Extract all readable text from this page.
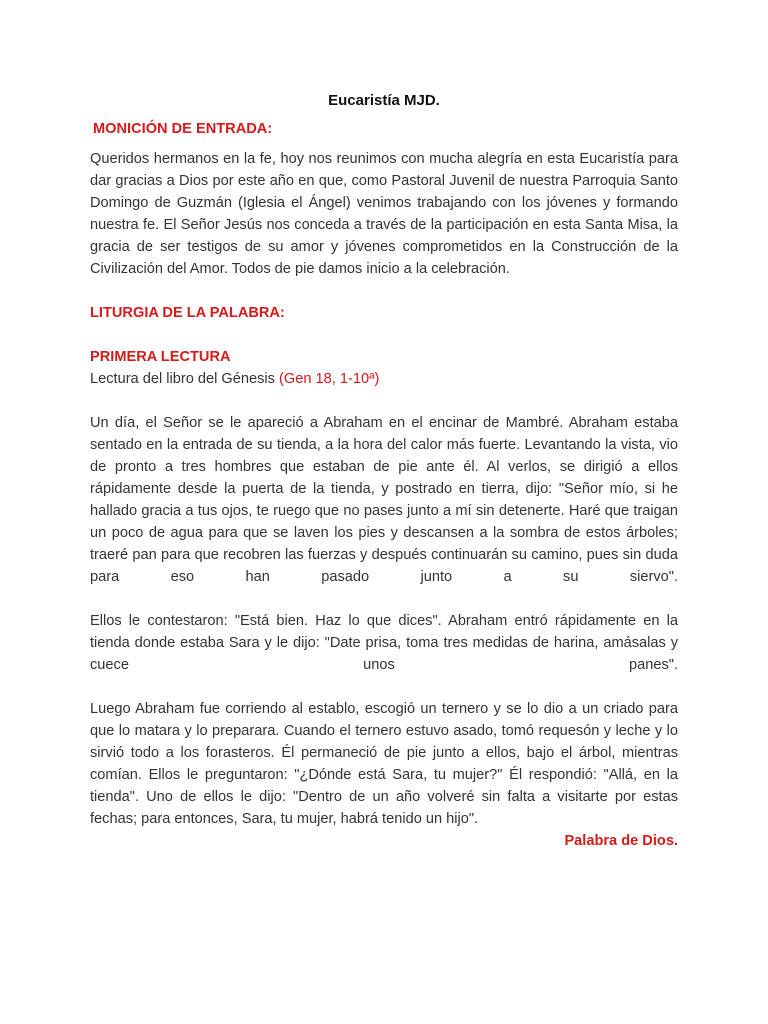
Eucaristía MJD.

MONICIÓN DE ENTRADA:

Queridos hermanos en la fe, hoy nos reunimos con mucha alegría en esta Eucaristía para dar gracias a Dios por este año en que, como Pastoral Juvenil de nuestra Parroquia Santo Domingo de Guzmán (Iglesia el Ángel) venimos trabajando con los jóvenes y formando nuestra fe. El Señor Jesús nos conceda a través de la participación en esta Santa Misa, la gracia de ser testigos de su amor y jóvenes comprometidos en la Construcción de la Civilización del Amor. Todos de pie damos inicio a la celebración.

LITURGIA DE LA PALABRA:

PRIMERA LECTURA

Lectura del libro del Génesis (Gen 18, 1-10ª)

Un día, el Señor se le apareció a Abraham en el encinar de Mambré. Abraham estaba sentado en la entrada de su tienda, a la hora del calor más fuerte. Levantando la vista, vio de pronto a tres hombres que estaban de pie ante él. Al verlos, se dirigió a ellos rápidamente desde la puerta de la tienda, y postrado en tierra, dijo: "Señor mío, si he hallado gracia a tus ojos, te ruego que no pases junto a mí sin detenerte. Haré que traigan un poco de agua para que se laven los pies y descansen a la sombra de estos árboles; traeré pan para que recobren las fuerzas y después continuarán su camino, pues sin duda para eso han pasado junto a su siervo".

Ellos le contestaron: "Está bien. Haz lo que dices". Abraham entró rápidamente en la tienda donde estaba Sara y le dijo: "Date prisa, toma tres medidas de harina, amásalas y cuece unos panes".

Luego Abraham fue corriendo al establo, escogió un ternero y se lo dio a un criado para que lo matara y lo preparara. Cuando el ternero estuvo asado, tomó requesón y leche y lo sirvió todo a los forasteros. Él permaneció de pie junto a ellos, bajo el árbol, mientras comían. Ellos le preguntaron: "¿Dónde está Sara, tu mujer?" Él respondió: "Allá, en la tienda". Uno de ellos le dijo: "Dentro de un año volveré sin falta a visitarte por estas fechas; para entonces, Sara, tu mujer, habrá tenido un hijo".

Palabra de Dios.
